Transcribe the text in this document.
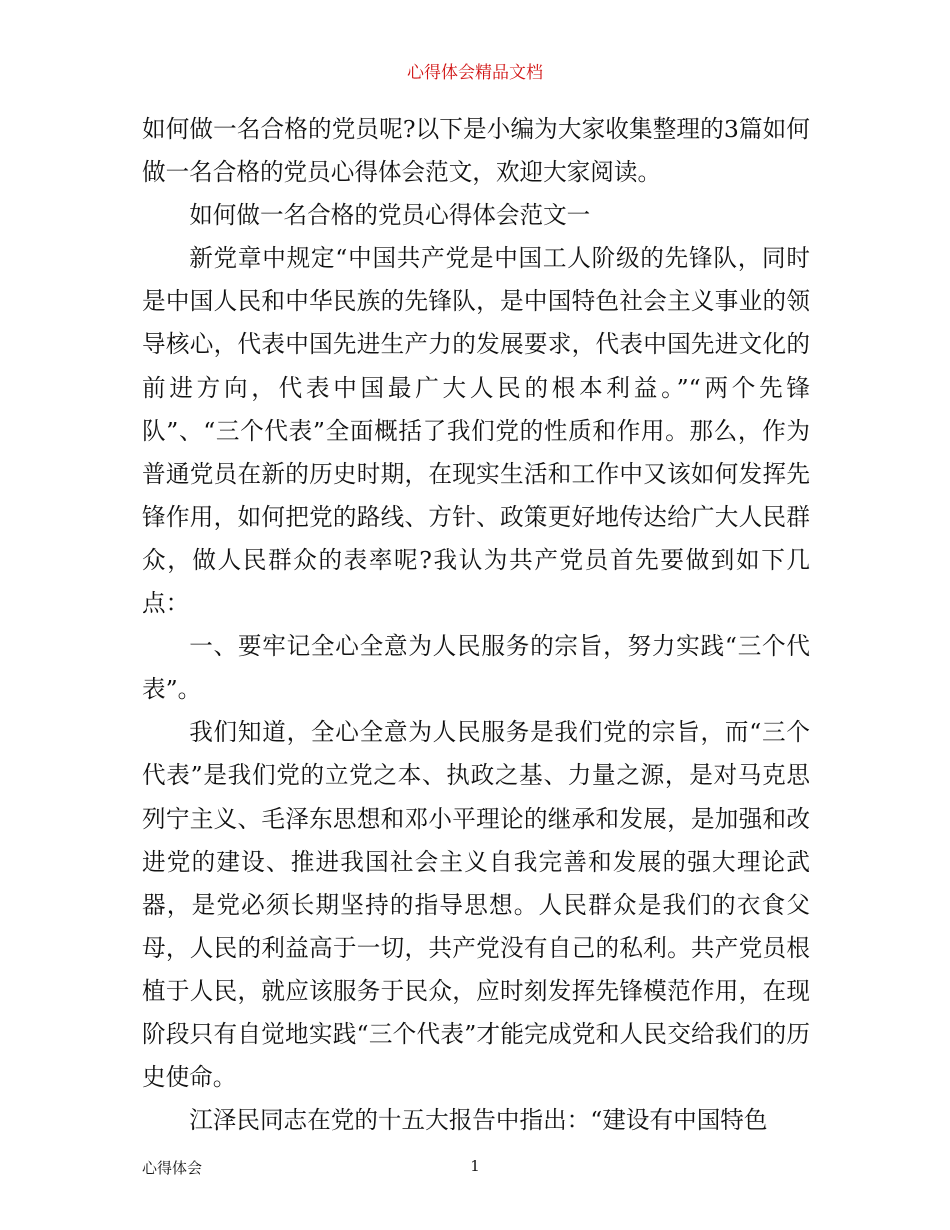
心得体会精品文档

如何做一名合格的党员呢?以下是小编为大家收集整理的3篇如何做一名合格的党员心得体会范文，欢迎大家阅读。

如何做一名合格的党员心得体会范文一

新党章中规定“中国共产党是中国工人阶级的先锋队，同时是中国人民和中华民族的先锋队，是中国特色社会主义事业的领导核心，代表中国先进生产力的发展要求，代表中国先进文化的前进方向，代表中国最广大人民的根本利益。”“两个先锋队”、“三个代表”全面概括了我们党的性质和作用。那么，作为普通党员在新的历史时期，在现实生活和工作中又该如何发挥先锋作用，如何把党的路线、方针、政策更好地传达给广大人民群众，做人民群众的表率呢?我认为共产党员首先要做到如下几点：

一、要牢记全心全意为人民服务的宗旨，努力实践“三个代表”。

我们知道，全心全意为人民服务是我们党的宗旨，而“三个代表”是我们党的立党之本、执政之基、力量之源，是对马克思列宁主义、毛泽东思想和邓小平理论的继承和发展，是加强和改进党的建设、推进我国社会主义自我完善和发展的强大理论武器，是党必须长期坚持的指导思想。人民群众是我们的衣食父母，人民的利益高于一切，共产党没有自己的私利。共产党员根植于人民，就应该服务于民众，应时刻发挥先锋模范作用，在现阶段只有自觉地实践“三个代表”才能完成党和人民交给我们的历史使命。

江泽民同志在党的十五大报告中指出：“建设有中国特色

心得体会	1
